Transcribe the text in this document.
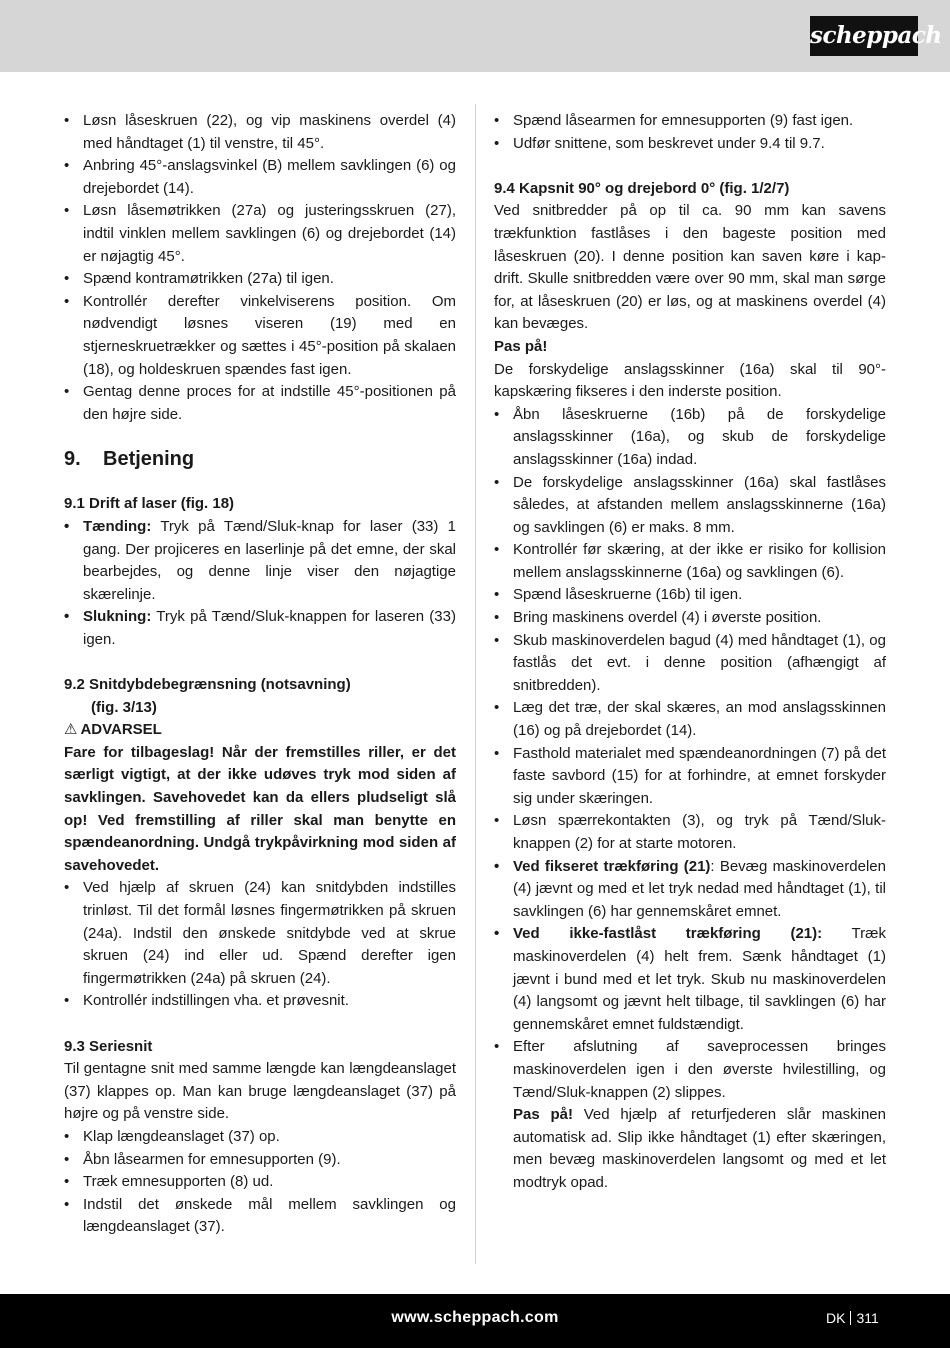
scheppach
• Løsn låseskruen (22), og vip maskinens overdel (4) med håndtaget (1) til venstre, til 45°.
• Anbring 45°-anslagsvinkel (B) mellem savklingen (6) og drejebordet (14).
• Løsn låsemøtrikken (27a) og justeringsskruen (27), indtil vinklen mellem savklingen (6) og drejebordet (14) er nøjagtig 45°.
• Spænd kontramøtrikken (27a) til igen.
• Kontrollér derefter vinkelviserens position. Om nødvendigt løsnes viseren (19) med en stjerneskruetrækker og sættes i 45°-position på skalaen (18), og holdeskruen spændes fast igen.
• Gentag denne proces for at indstille 45°-positionen på den højre side.
9. Betjening
9.1 Drift af laser (fig. 18)
• Tænding: Tryk på Tænd/Sluk-knap for laser (33) 1 gang. Der projiceres en laserlinje på det emne, der skal bearbejdes, og denne linje viser den nøjagtige skærelinje.
• Slukning: Tryk på Tænd/Sluk-knappen for laseren (33) igen.
9.2 Snitdybdebegrænsning (notsavning)
(fig. 3/13)
⚠ ADVARSEL
Fare for tilbageslag! Når der fremstilles riller, er det særligt vigtigt, at der ikke udøves tryk mod siden af savklingen. Savehovedet kan da ellers pludseligt slå op! Ved fremstilling af riller skal man benytte en spændeanordning. Undgå trykpåvirkning mod siden af savehovedet.
• Ved hjælp af skruen (24) kan snitdybden indstilles trinløst. Til det formål løsnes fingermøtrikken på skruen (24a). Indstil den ønskede snitdybde ved at skrue skruen (24) ind eller ud. Spænd derefter igen fingermøtrikken (24a) på skruen (24).
• Kontrollér indstillingen vha. et prøvesnit.
9.3 Seriesnit
Til gentagne snit med samme længde kan længdeanslaget (37) klappes op. Man kan bruge længdeanslaget (37) på højre og på venstre side.
• Klap længdeanslaget (37) op.
• Åbn låsearmen for emnesupporten (9).
• Træk emnesupporten (8) ud.
• Indstil det ønskede mål mellem savklingen og længdeanslaget (37).
• Spænd låsearmen for emnesupporten (9) fast igen.
• Udfør snittene, som beskrevet under 9.4 til 9.7.
9.4 Kapsnit 90° og drejebord 0° (fig. 1/2/7)
Ved snitbredder på op til ca. 90 mm kan savens trækfunktion fastlåses i den bageste position med låseskruen (20). I denne position kan saven køre i kap-drift. Skulle snitbredden være over 90 mm, skal man sørge for, at låseskruen (20) er løs, og at maskinens overdel (4) kan bevæges.
Pas på!
De forskydelige anslagsskinner (16a) skal til 90°-kapskæring fikseres i den inderste position.
• Åbn låseskruerne (16b) på de forskydelige anslagsskinner (16a), og skub de forskydelige anslagsskinner (16a) indad.
• De forskydelige anslagsskinner (16a) skal fastlåses således, at afstanden mellem anslagsskinnerne (16a) og savklingen (6) er maks. 8 mm.
• Kontrollér før skæring, at der ikke er risiko for kollision mellem anslagsskinnerne (16a) og savklingen (6).
• Spænd låseskruerne (16b) til igen.
• Bring maskinens overdel (4) i øverste position.
• Skub maskinoverdelen bagud (4) med håndtaget (1), og fastlås det evt. i denne position (afhængigt af snitbredden).
• Læg det træ, der skal skæres, an mod anslagsskinnen (16) og på drejebordet (14).
• Fasthold materialet med spændeanordningen (7) på det faste savbord (15) for at forhindre, at emnet forskyder sig under skæringen.
• Løsn spærrekontakten (3), og tryk på Tænd/Sluk-knappen (2) for at starte motoren.
• Ved fikseret trækføring (21): Bevæg maskinoverdelen (4) jævnt og med et let tryk nedad med håndtaget (1), til savklingen (6) har gennemskåret emnet.
• Ved ikke-fastlåst trækføring (21): Træk maskinoverdelen (4) helt frem. Sænk håndtaget (1) jævnt i bund med et let tryk. Skub nu maskinoverdelen (4) langsomt og jævnt helt tilbage, til savklingen (6) har gennemskåret emnet fuldstændigt.
• Efter afslutning af saveprocessen bringes maskinoverdelen igen i den øverste hvilestilling, og Tænd/Sluk-knappen (2) slippes.
Pas på! Ved hjælp af returfjederen slår maskinen automatisk ad. Slip ikke håndtaget (1) efter skæringen, men bevæg maskinoverdelen langsomt og med et let modtryk opad.
www.scheppach.com	DK 311
